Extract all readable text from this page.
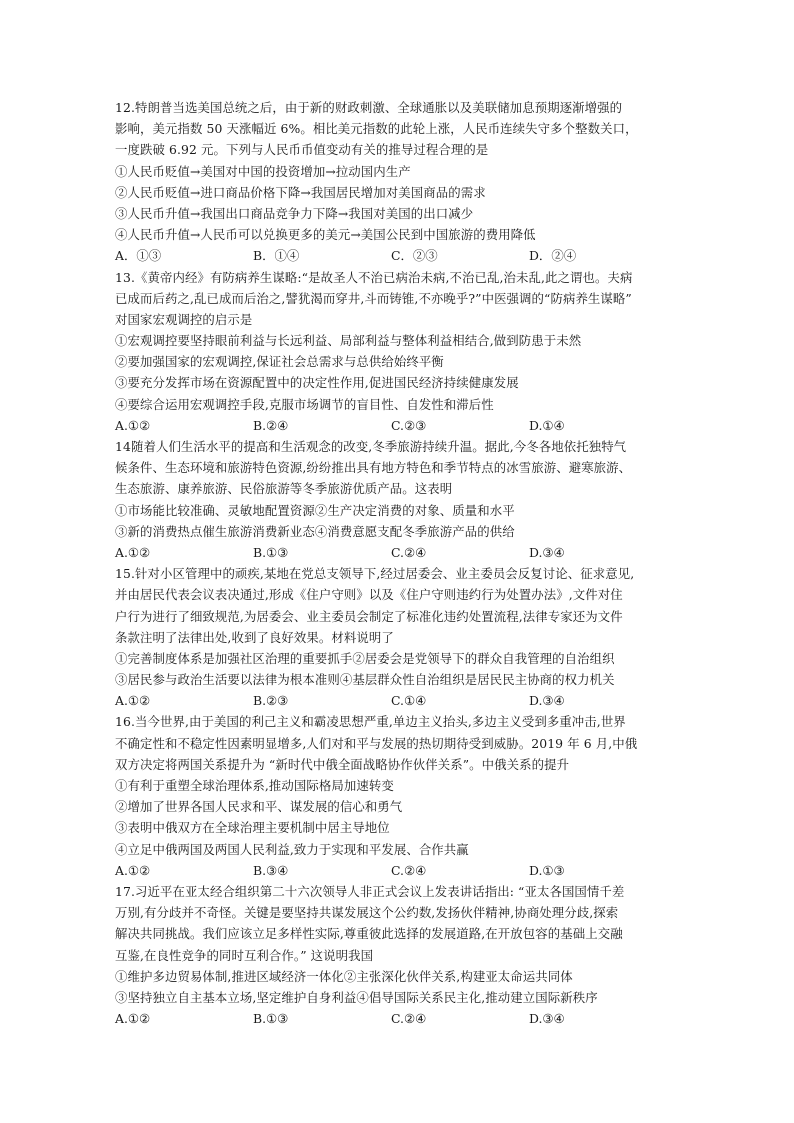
12.特朗普当选美国总统之后，由于新的财政刺激、全球通胀以及美联储加息预期逐渐增强的
影响，美元指数 50 天涨幅近 6%。相比美元指数的此轮上涨，人民币连续失守多个整数关口，
一度跌破 6.92 元。下列与人民币币值变动有关的推导过程合理的是
①人民币贬值→美国对中国的投资增加→拉动国内生产
②人民币贬值→进口商品价格下降→我国居民增加对美国商品的需求
③人民币升值→我国出口商品竞争力下降→我国对美国的出口减少
④人民币升值→人民币可以兑换更多的美元→美国公民到中国旅游的费用降低
A．①③	B．①④	C．②③	D．②④
13.《黄帝内经》有防病养生谋略:“是故圣人不治已病治未病,不治已乱,治未乱,此之谓也。夫病
已成而后药之,乱已成而后治之,譬犹渴而穿井,斗而铸锥,不亦晚乎?”中医强调的“防病养生谋略”
对国家宏观调控的启示是
①宏观调控要坚持眼前利益与长远利益、局部利益与整体利益相结合,做到防患于未然
②要加强国家的宏观调控,保证社会总需求与总供给始终平衡
③要充分发挥市场在资源配置中的决定性作用,促进国民经济持续健康发展
④要综合运用宏观调控手段,克服市场调节的盲目性、自发性和滞后性
A.①②	B.②④	C.②③	D.①④
14随着人们生活水平的提高和生活观念的改变,冬季旅游持续升温。据此,今冬各地依托独特气
候条件、生态环境和旅游特色资源,纷纷推出具有地方特色和季节特点的冰雪旅游、避寒旅游、
生态旅游、康养旅游、民俗旅游等冬季旅游优质产品。这表明
①市场能比较准确、灵敏地配置资源②生产决定消费的对象、质量和水平
③新的消费热点催生旅游消费新业态④消费意愿支配冬季旅游产品的供给
A.①②	B.①③	C.②④	D.③④
15.针对小区管理中的顽疾,某地在党总支领导下,经过居委会、业主委员会反复讨论、征求意见,
并由居民代表会议表决通过,形成《住户守则》以及《住户守则违约行为处置办法》,文件对住
户行为进行了细致规范,为居委会、业主委员会制定了标准化违约处置流程,法律专家还为文件
条款注明了法律出处,收到了良好效果。材料说明了
①完善制度体系是加强社区治理的重要抓手②居委会是党领导下的群众自我管理的自治组织
③居民参与政治生活要以法律为根本准则④基层群众性自治组织是居民民主协商的权力机关
A.①②	B.②③	C.①④	D.③④
16.当今世界,由于美国的利己主义和霸凌思想严重,单边主义抬头,多边主义受到多重冲击,世界
不确定性和不稳定性因素明显增多,人们对和平与发展的热切期待受到威胁。2019 年 6 月,中俄
双方决定将两国关系提升为 “新时代中俄全面战略协作伙伴关系”。中俄关系的提升
①有利于重塑全球治理体系,推动国际格局加速转变
②增加了世界各国人民求和平、谋发展的信心和勇气
③表明中俄双方在全球治理主要机制中居主导地位
④立足中俄两国及两国人民利益,致力于实现和平发展、合作共赢
A.①②	B.③④	C.②④	D.①③
17.习近平在亚太经合组织第二十六次领导人非正式会议上发表讲话指出: “亚太各国国情千差
万别,有分歧并不奇怪。关键是要坚持共谋发展这个公约数,发扬伙伴精神,协商处理分歧,探索
解决共同挑战。我们应该立足多样性实际,尊重彼此选择的发展道路,在开放包容的基础上交融
互鉴,在良性竞争的同时互利合作。” 这说明我国
①维护多边贸易体制,推进区域经济一体化②主张深化伙伴关系,构建亚太命运共同体
③坚持独立自主基本立场,坚定维护自身利益④倡导国际关系民主化,推动建立国际新秩序
A.①②	B.①③	C.②④	D.③④
